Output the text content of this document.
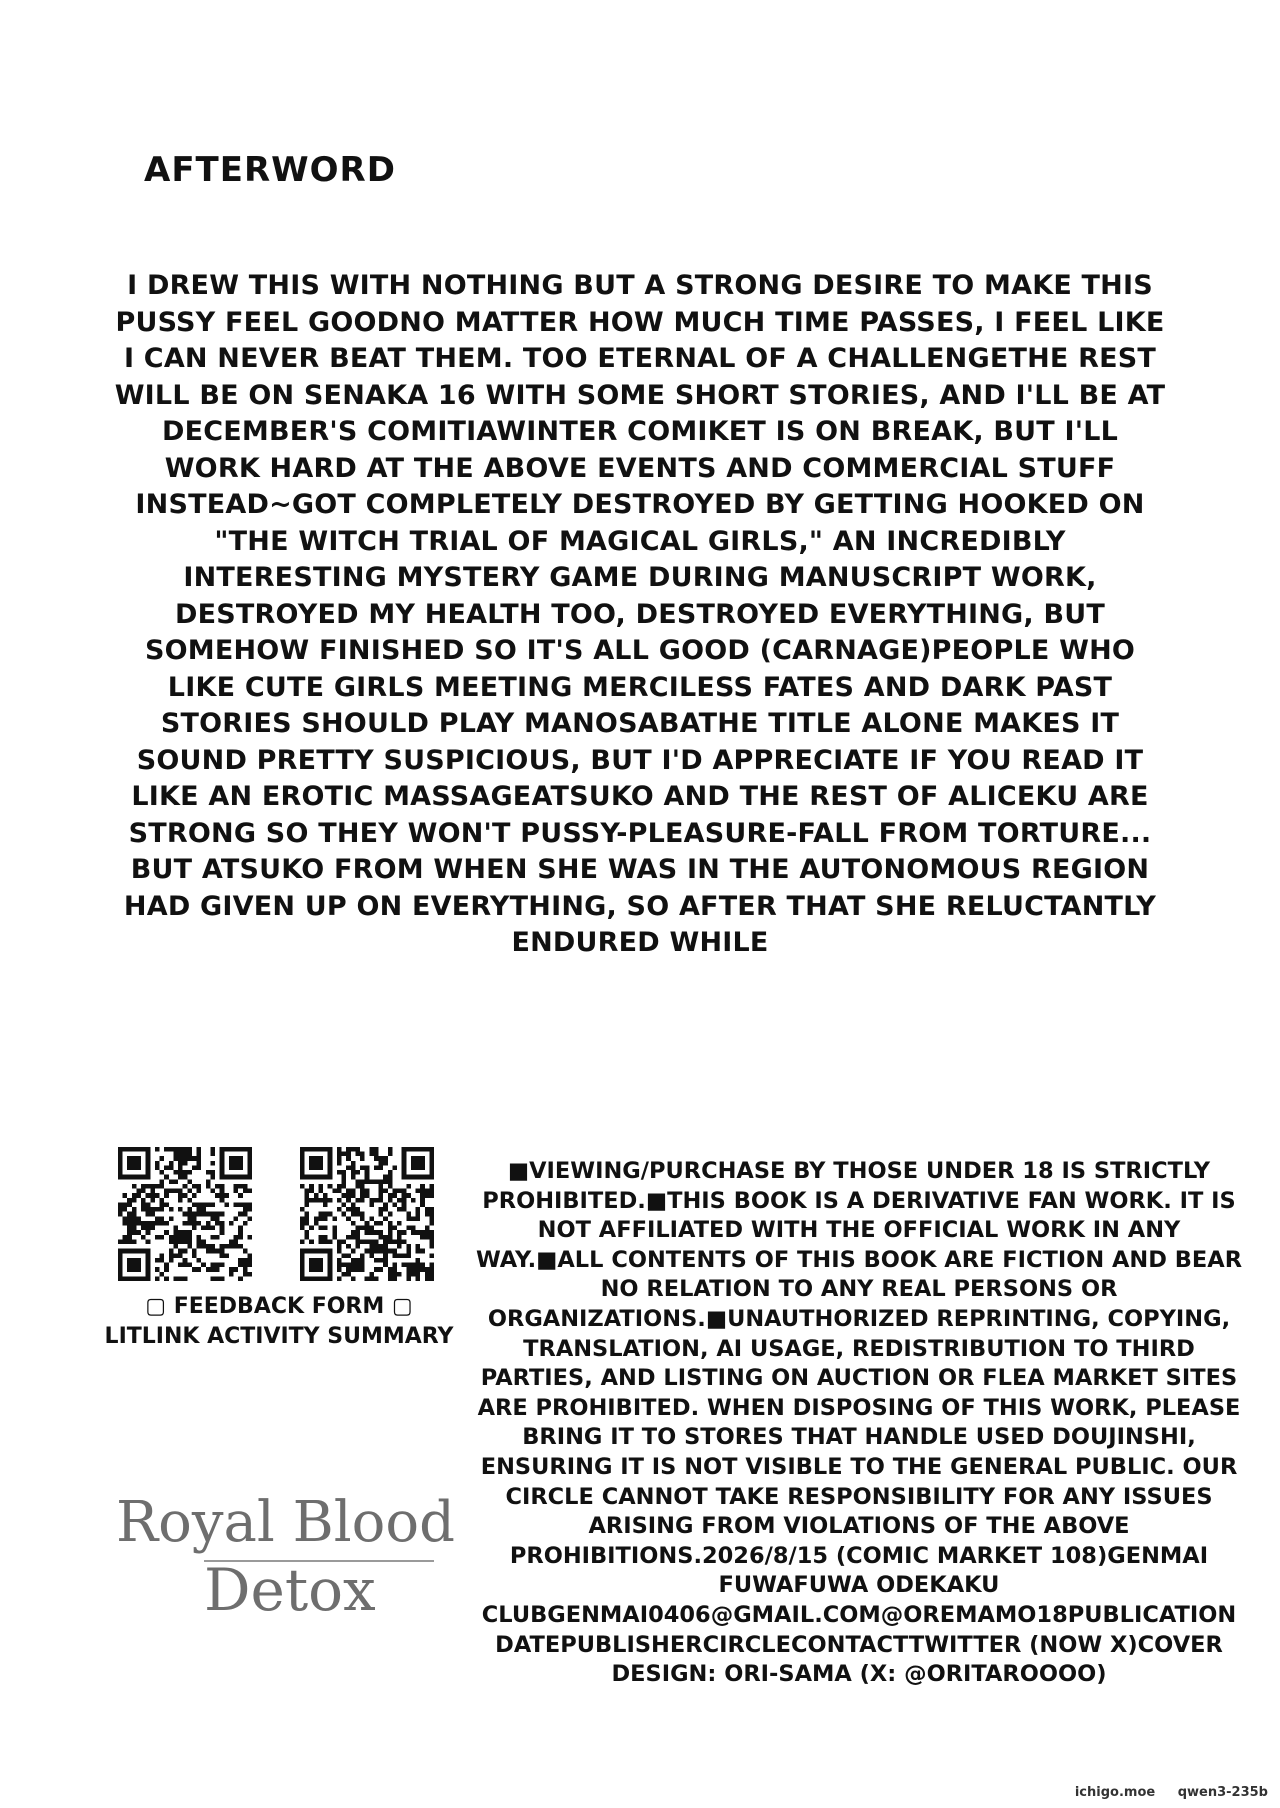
AFTERWORD
I DREW THIS WITH NOTHING BUT A STRONG DESIRE TO MAKE THIS PUSSY FEEL GOODNO MATTER HOW MUCH TIME PASSES, I FEEL LIKE I CAN NEVER BEAT THEM. TOO ETERNAL OF A CHALLENGETHE REST WILL BE ON SENAKA 16 WITH SOME SHORT STORIES, AND I'LL BE AT DECEMBER'S COMITIAWINTER COMIKET IS ON BREAK, BUT I'LL WORK HARD AT THE ABOVE EVENTS AND COMMERCIAL STUFF INSTEAD~GOT COMPLETELY DESTROYED BY GETTING HOOKED ON "THE WITCH TRIAL OF MAGICAL GIRLS," AN INCREDIBLY INTERESTING MYSTERY GAME DURING MANUSCRIPT WORK, DESTROYED MY HEALTH TOO, DESTROYED EVERYTHING, BUT SOMEHOW FINISHED SO IT'S ALL GOOD (CARNAGE)PEOPLE WHO LIKE CUTE GIRLS MEETING MERCILESS FATES AND DARK PAST STORIES SHOULD PLAY MANOSABATHE TITLE ALONE MAKES IT SOUND PRETTY SUSPICIOUS, BUT I'D APPRECIATE IF YOU READ IT LIKE AN EROTIC MASSAGEATSUKO AND THE REST OF ALICEKU ARE STRONG SO THEY WON'T PUSSY-PLEASURE-FALL FROM TORTURE... BUT ATSUKO FROM WHEN SHE WAS IN THE AUTONOMOUS REGION HAD GIVEN UP ON EVERYTHING, SO AFTER THAT SHE RELUCTANTLY ENDURED WHILE
▢ FEEDBACK FORM ▢
LITLINK ACTIVITY SUMMARY
Royal Blood
Detox
■VIEWING/PURCHASE BY THOSE UNDER 18 IS STRICTLY PROHIBITED.■THIS BOOK IS A DERIVATIVE FAN WORK. IT IS NOT AFFILIATED WITH THE OFFICIAL WORK IN ANY WAY.■ALL CONTENTS OF THIS BOOK ARE FICTION AND BEAR NO RELATION TO ANY REAL PERSONS OR ORGANIZATIONS.■UNAUTHORIZED REPRINTING, COPYING, TRANSLATION, AI USAGE, REDISTRIBUTION TO THIRD PARTIES, AND LISTING ON AUCTION OR FLEA MARKET SITES ARE PROHIBITED. WHEN DISPOSING OF THIS WORK, PLEASE BRING IT TO STORES THAT HANDLE USED DOUJINSHI, ENSURING IT IS NOT VISIBLE TO THE GENERAL PUBLIC. OUR CIRCLE CANNOT TAKE RESPONSIBILITY FOR ANY ISSUES ARISING FROM VIOLATIONS OF THE ABOVE PROHIBITIONS.2026/8/15 (COMIC MARKET 108)GENMAI FUWAFUWA ODEKAKU CLUBGENMAI0406@GMAIL.COM@OREMAMO18PUBLICATION DATEPUBLISHERCIRCLECONTACTTWITTER (NOW X)COVER DESIGN: ORI-SAMA (X: @ORITAROOOO)
ichigo.moe qwen3-235b
